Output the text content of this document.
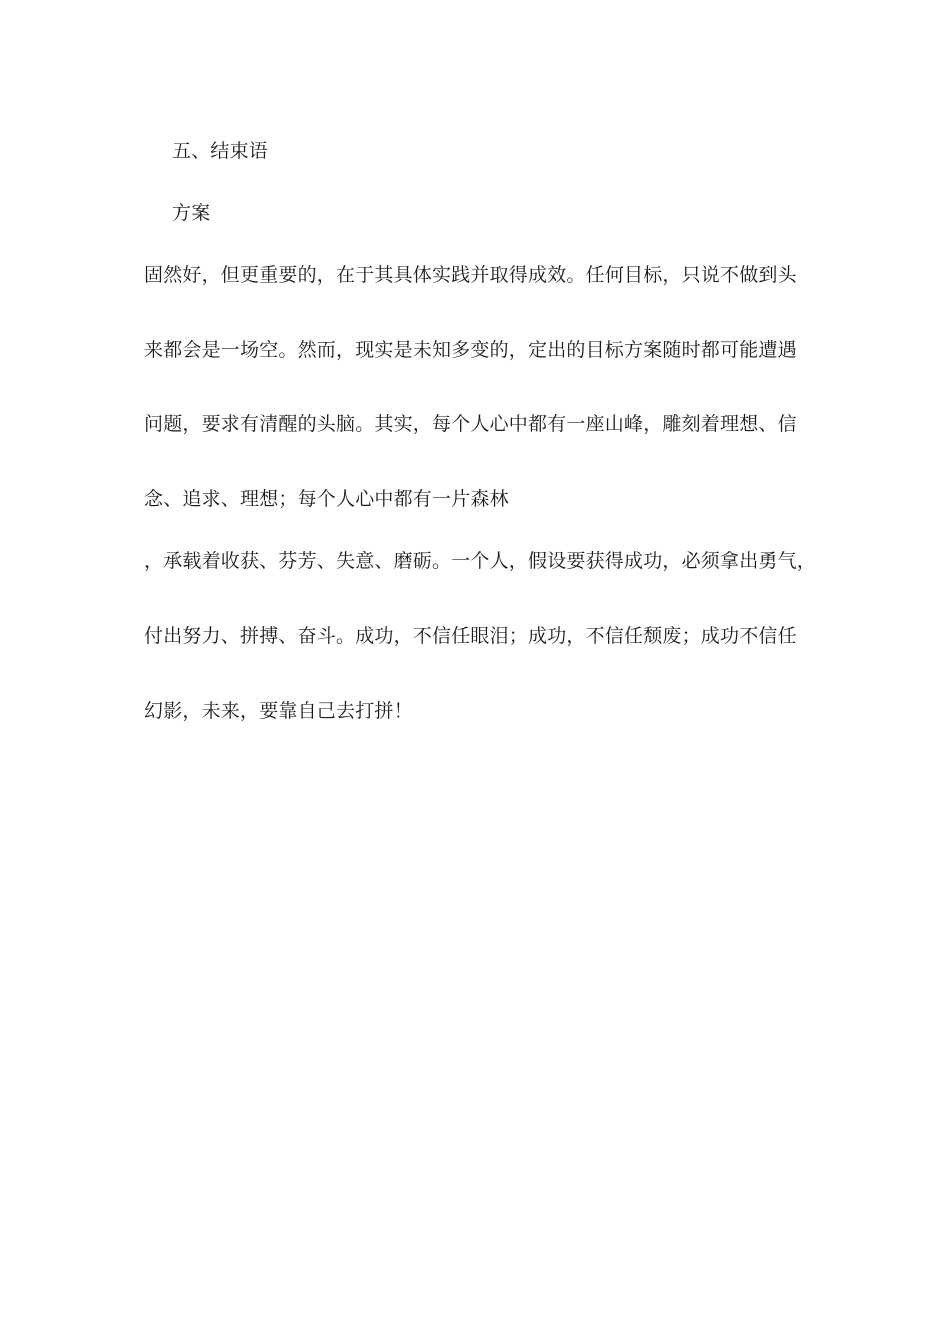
五、结束语
方案
固然好，但更重要的，在于其具体实践并取得成效。任何目标，只说不做到头
来都会是一场空。然而，现实是未知多变的，定出的目标方案随时都可能遭遇
问题，要求有清醒的头脑。其实，每个人心中都有一座山峰，雕刻着理想、信
念、追求、理想；每个人心中都有一片森林
，承载着收获、芬芳、失意、磨砺。一个人，假设要获得成功，必须拿出勇气，
付出努力、拼搏、奋斗。成功，不信任眼泪；成功，不信任颓废；成功不信任
幻影，未来，要靠自己去打拼！
